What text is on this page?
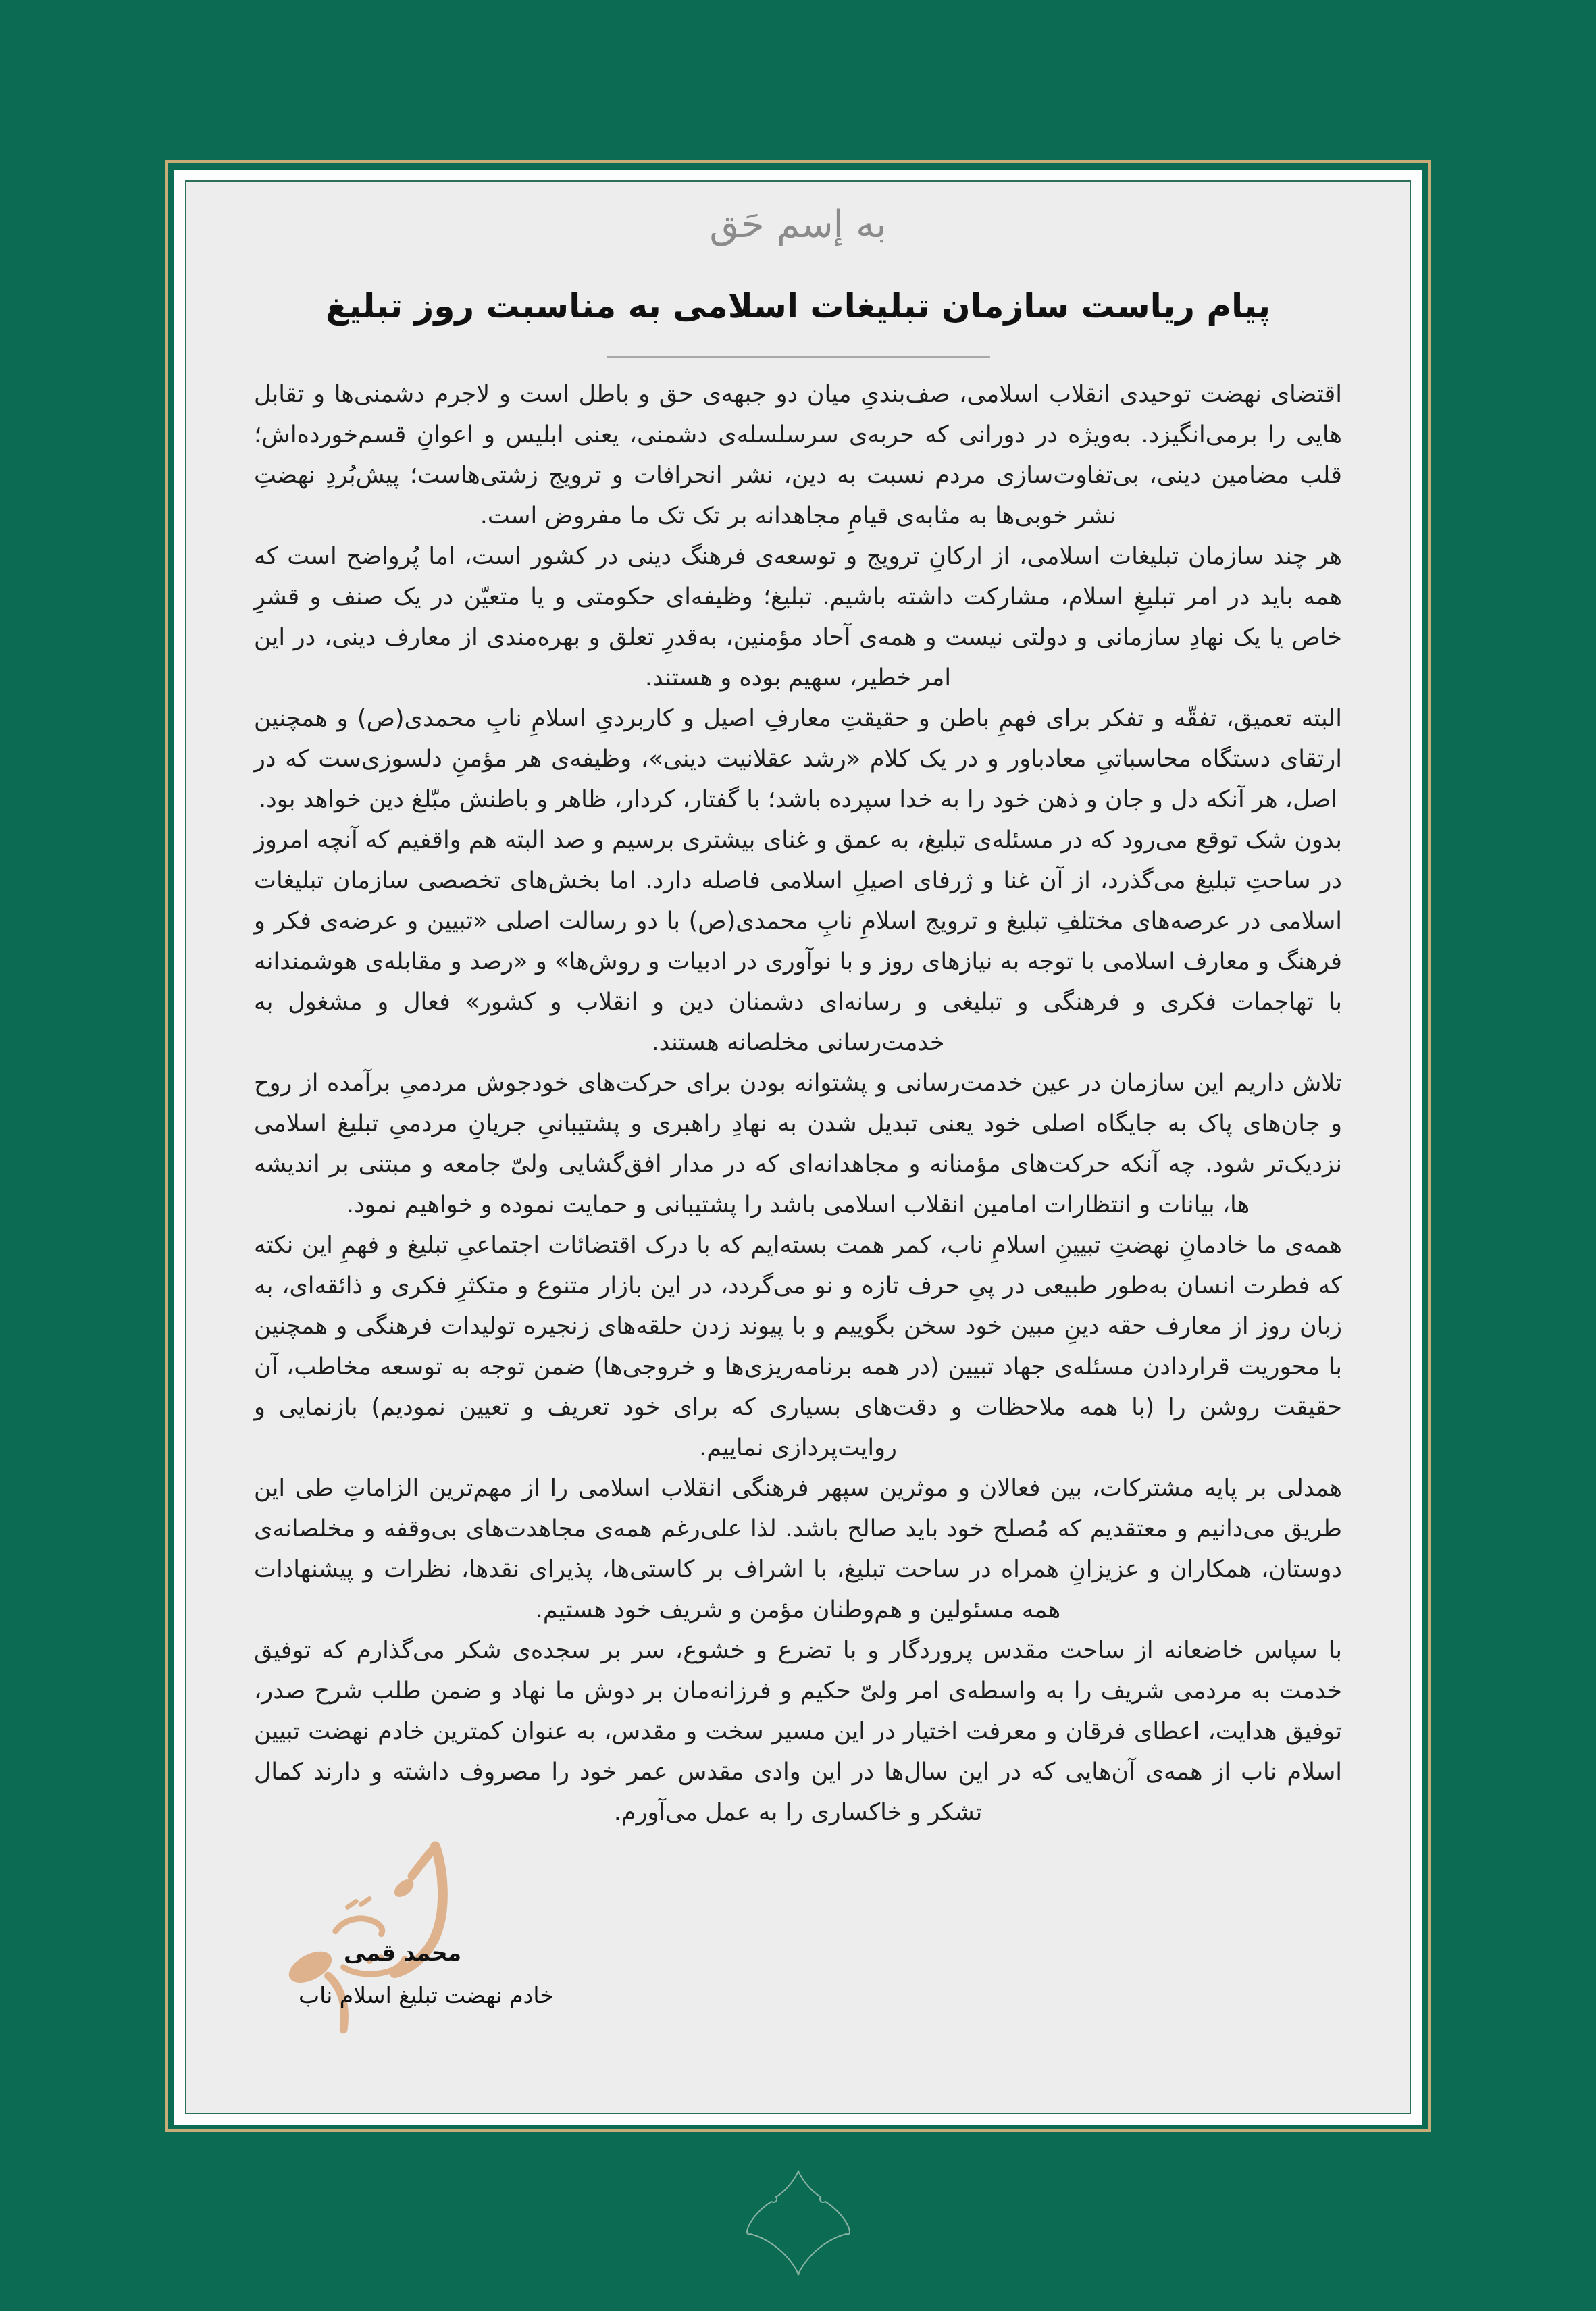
به إسم حَق
پیام ریاست سازمان تبلیغات اسلامی به مناسبت روز تبلیغ

اقتضای نهضت توحیدی انقلاب اسلامی، صف‌بندیِ میان دو جبهه‌ی حق و باطل است و لاجرم دشمنی‌ها و تقابل هایی را برمی‌انگیزد. به‌ویژه در دورانی که حربه‌ی سرسلسله‌ی دشمنی، یعنی ابلیس و اعوانِ قسم‌خورده‌اش؛ قلب مضامین دینی، بی‌تفاوت‌سازی مردم نسبت به دین، نشر انحرافات و ترویج زشتی‌هاست؛ پیش‌بُردِ نهضتِ نشر خوبی‌ها به مثابه‌ی قیامِ مجاهدانه بر تک تک ما مفروض است.

هر چند سازمان تبلیغات اسلامی، از ارکانِ ترویج و توسعه‌ی فرهنگ دینی در کشور است، اما پُرواضح است که همه باید در امر تبلیغِ اسلام، مشارکت داشته باشیم. تبلیغ؛ وظیفه‌ای حکومتی و یا متعیّن در یک صنف و قشرِ خاص یا یک نهادِ سازمانی و دولتی نیست و همه‌ی آحاد مؤمنین، به‌قدرِ تعلق و بهره‌مندی از معارف دینی، در این امر خطیر، سهیم بوده و هستند.

البته تعمیق، تفقّه و تفکر برای فهمِ باطن و حقیقتِ معارفِ اصیل و کاربردیِ اسلامِ نابِ محمدی(ص) و همچنین ارتقای دستگاه محاسباتیِ معادباور و در یک کلام «رشد عقلانیت دینی»، وظیفه‌ی هر مؤمنِ دلسوزی‌ست که در اصل، هر آنکه دل و جان و ذهن خود را به خدا سپرده باشد؛ با گفتار، کردار، ظاهر و باطنش مبّلغ دین خواهد بود.

بدون شک توقع می‌رود که در مسئله‌ی تبلیغ، به عمق و غنای بیشتری برسیم و صد البته هم واقفیم که آنچه امروز در ساحتِ تبلیغ می‌گذرد، از آن غنا و ژرفای اصیلِ اسلامی فاصله دارد. اما بخش‌های تخصصی سازمان تبلیغات اسلامی در عرصه‌های مختلفِ تبلیغ و ترویج اسلامِ نابِ محمدی(ص) با دو رسالت اصلی «تبیین و عرضه‌ی فکر و فرهنگ و معارف اسلامی با توجه به نیازهای روز و با نوآوری در ادبیات و روش‌ها» و «رصد و مقابله‌ی هوشمندانه با تهاجمات فکری و فرهنگی و تبلیغی و رسانه‌ای دشمنان دین و انقلاب و کشور» فعال و مشغول به خدمت‌رسانی مخلصانه هستند.

تلاش داریم این سازمان در عین خدمت‌رسانی و پشتوانه بودن برای حرکت‌های خودجوش مردمیِ برآمده از روح و جان‌های پاک به جایگاه اصلی خود یعنی تبدیل شدن به نهادِ راهبری و پشتیبانیِ جریانِ مردمیِ تبلیغ اسلامی نزدیک‌تر شود. چه آنکه حرکت‌های مؤمنانه و مجاهدانه‌ای که در مدار افق‌گشایی ولیّ جامعه و مبتنی بر اندیشه ها، بیانات و انتظارات امامین انقلاب اسلامی باشد را پشتیبانی و حمایت نموده و خواهیم نمود.

همه‌ی ما خادمانِ نهضتِ تبیینِ اسلامِ ناب، کمر همت بسته‌ایم که با درک اقتضائات اجتماعیِ تبلیغ و فهمِ این نکته که فطرت انسان به‌طور طبیعی در پیِ حرف تازه و نو می‌گردد، در این بازار متنوع و متکثرِ فکری و ذائقه‌ای، به زبان روز از معارف حقه دینِ مبین خود سخن بگوییم و با پیوند زدن حلقه‌های زنجیره تولیدات فرهنگی و همچنین با محوریت قراردادن مسئله‌ی جهاد تبیین (در همه برنامه‌ریزی‌ها و خروجی‌ها) ضمن توجه به توسعه مخاطب، آن حقیقت روشن را (با همه ملاحظات و دقت‌های بسیاری که برای خود تعریف و تعیین نمودیم) بازنمایی و روایت‌پردازی نماییم.

همدلی بر پایه مشترکات، بین فعالان و موثرین سپهر فرهنگی انقلاب اسلامی را از مهم‌ترین الزاماتِ طی این طریق می‌دانیم و معتقدیم که مُصلح خود باید صالح باشد. لذا علی‌رغم همه‌ی مجاهدت‌های بی‌وقفه و مخلصانه‌ی دوستان، همکاران و عزیزانِ همراه در ساحت تبلیغ، با اشراف بر کاستی‌ها، پذیرای نقدها، نظرات و پیشنهادات همه مسئولین و هم‌وطنان مؤمن و شریف خود هستیم.

با سپاس خاضعانه از ساحت مقدس پروردگار و با تضرع و خشوع، سر بر سجده‌ی شکر می‌گذارم که توفیق خدمت به مردمی شریف را به واسطه‌ی امر ولیّ حکیم و فرزانه‌مان بر دوش ما نهاد و ضمن طلب شرح صدر، توفیق هدایت، اعطای فرقان و معرفت اختیار در این مسیر سخت و مقدس، به عنوان کمترین خادم نهضت تبیین اسلام ناب از همه‌ی آن‌هایی که در این سال‌ها در این وادی مقدس عمر خود را مصروف داشته و دارند کمال تشکر و خاکساری را به عمل می‌آورم.

محمد قمی
خادم نهضت تبلیغ اسلام ناب
